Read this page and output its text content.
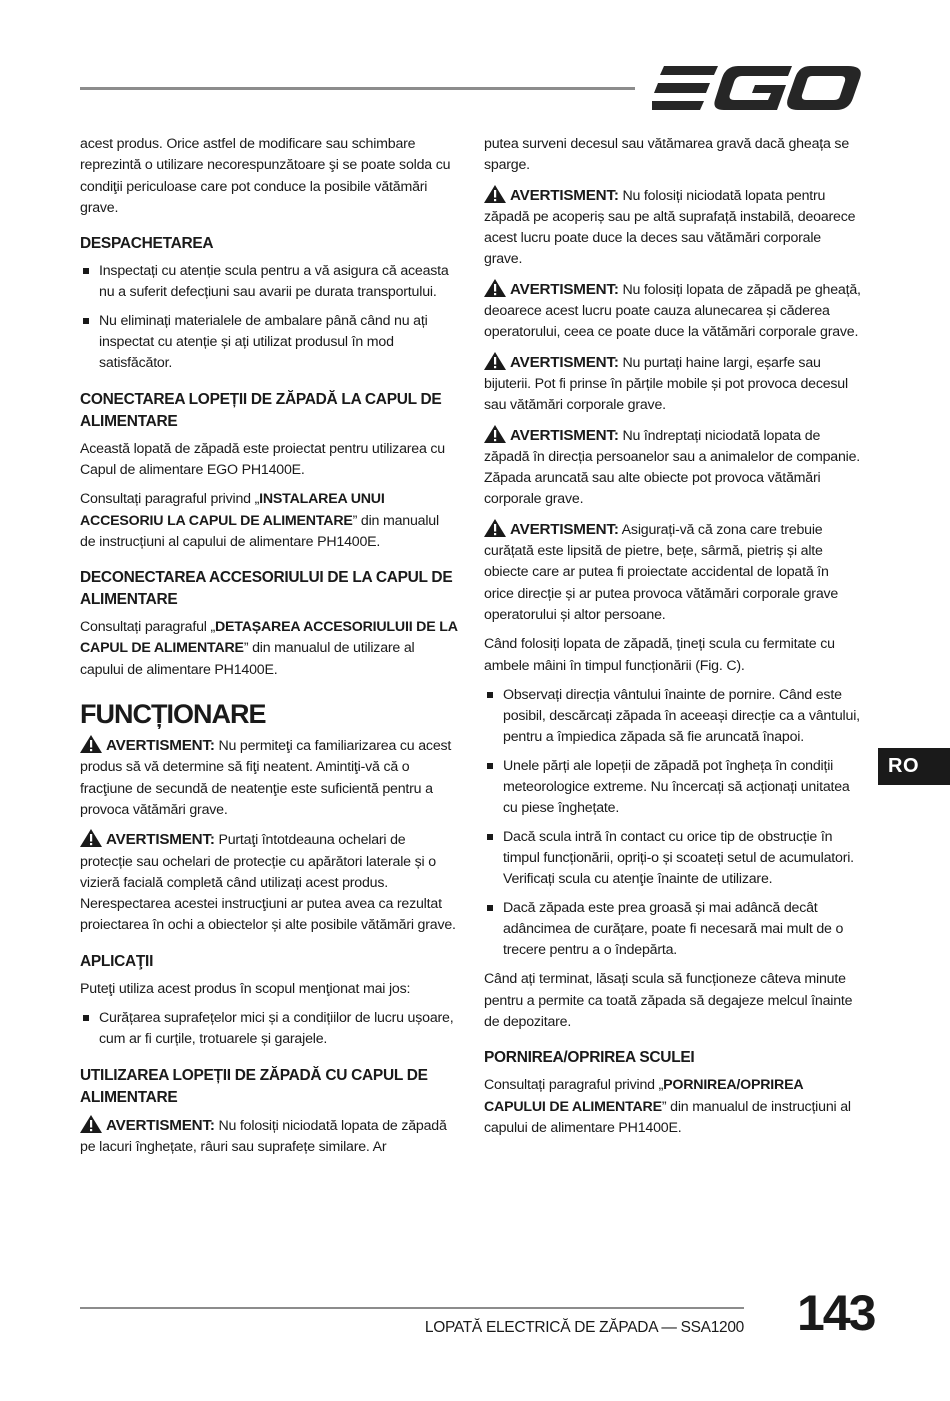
acest produs. Orice astfel de modificare sau schimbare reprezintă o utilizare necorespunzătoare şi se poate solda cu condiţii periculoase care pot conduce la posibile vătămări grave.

DESPACHETAREA
Inspectați cu atenție scula pentru a vă asigura că aceasta nu a suferit defecțiuni sau avarii pe durata transportului.
Nu eliminați materialele de ambalare până când nu ați inspectat cu atenție și ați utilizat produsul în mod satisfăcător.
CONECTAREA LOPEȚII DE ZĂPADĂ LA CAPUL DE ALIMENTARE

Această lopată de zăpadă este proiectat pentru utilizarea cu Capul de alimentare EGO PH1400E.

Consultați paragraful privind „INSTALAREA UNUI ACCESORIU LA CAPUL DE ALIMENTARE” din manualul de instrucțiuni al capului de alimentare PH1400E.

DECONECTAREA ACCESORIULUI DE LA CAPUL DE ALIMENTARE

Consultați paragraful „DETAȘAREA ACCESORIULUII DE LA CAPUL DE ALIMENTARE” din manualul de utilizare al capului de alimentare PH1400E.

FUNCȚIONARE

AVERTISMENT: Nu permiteţi ca familiarizarea cu acest produs să vă determine să fiţi neatent. Amintiţi-vă că o fracţiune de secundă de neatenţie este suficientă pentru a provoca vătămări grave.

AVERTISMENT: Purtaţi întotdeauna ochelari de protecție sau ochelari de protecție cu apărători laterale și o vizieră facială completă când utilizați acest produs. Nerespectarea acestei instrucţiuni ar putea avea ca rezultat proiectarea în ochi a obiectelor și alte posibile vătămări grave.

APLICAŢII

Puteţi utiliza acest produs în scopul menţionat mai jos:

Curățarea suprafețelor mici și a condițiilor de lucru ușoare, cum ar fi curțile, trotuarele și garajele.
UTILIZAREA LOPEȚII DE ZĂPADĂ CU CAPUL DE ALIMENTARE

AVERTISMENT: Nu folosiți niciodată lopata de zăpadă pe lacuri înghețate, râuri sau suprafețe similare. Ar

putea surveni decesul sau vătămarea gravă dacă gheața se sparge.

AVERTISMENT: Nu folosiți niciodată lopata pentru zăpadă pe acoperiș sau pe altă suprafață instabilă, deoarece acest lucru poate duce la deces sau vătămări corporale grave.

AVERTISMENT: Nu folosiți lopata de zăpadă pe gheață, deoarece acest lucru poate cauza alunecarea și căderea operatorului, ceea ce poate duce la vătămări corporale grave.

AVERTISMENT: Nu purtați haine largi, eșarfe sau bijuterii. Pot fi prinse în părțile mobile și pot provoca decesul sau vătămări corporale grave.

AVERTISMENT: Nu îndreptați niciodată lopata de zăpadă în direcția persoanelor sau a animalelor de companie. Zăpada aruncată sau alte obiecte pot provoca vătămări corporale grave.

AVERTISMENT: Asigurați-vă că zona care trebuie curățată este lipsită de pietre, bețe, sârmă, pietriș și alte obiecte care ar putea fi proiectate accidental de lopată în orice direcție și ar putea provoca vătămări corporale grave operatorului și altor persoane.

Când folosiți lopata de zăpadă, țineți scula cu fermitate cu ambele mâini în timpul funcționării (Fig. C).

Observați direcția vântului înainte de pornire. Când este posibil, descărcați zăpada în aceeași direcție ca a vântului, pentru a împiedica zăpada să fie aruncată înapoi.
Unele părți ale lopeții de zăpadă pot îngheța în condiții meteorologice extreme. Nu încercați să acționați unitatea cu piese înghețate.
Dacă scula intră în contact cu orice tip de obstrucție în timpul funcționării, opriți-o și scoateți setul de acumulatori. Verificați scula cu atenţie înainte de utilizare.
Dacă zăpada este prea groasă și mai adâncă decât adâncimea de curățare, poate fi necesară mai mult de o trecere pentru a o îndepărta.

Când ați terminat, lăsați scula să funcționeze câteva minute pentru a permite ca toată zăpada să degajeze melcul înainte de depozitare.

PORNIREA/OPRIREA SCULEI

Consultați paragraful privind „PORNIREA/OPRIREA CAPULUI DE ALIMENTARE” din manualul de instrucțiuni al capului de alimentare PH1400E.

RO
LOPATĂ ELECTRICĂ DE ZĂPADA — SSA1200 143
